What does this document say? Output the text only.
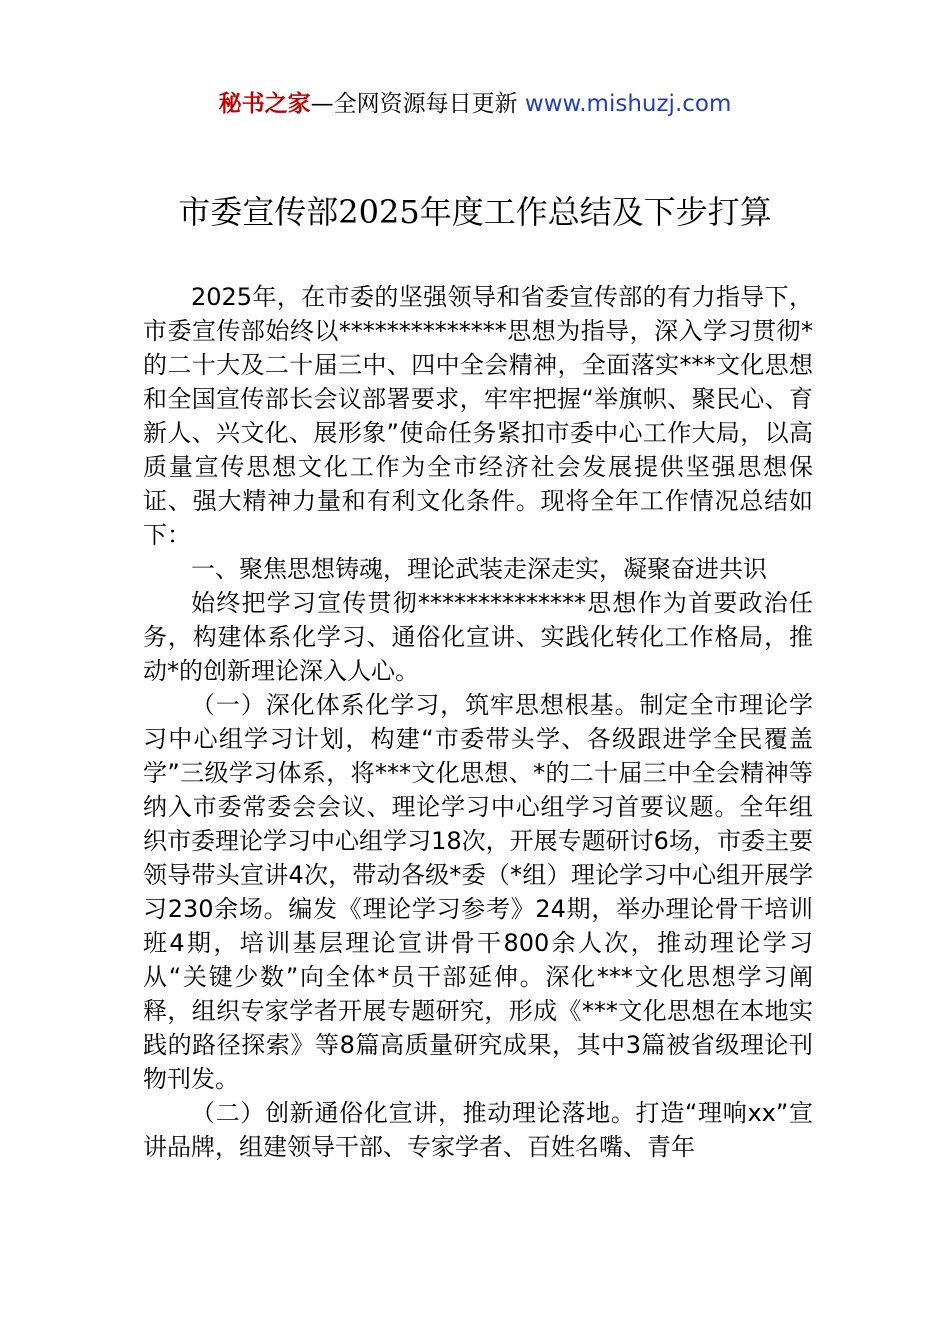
秘书之家—全网资源每日更新 www.mishuzj.com
市委宣传部2025年度工作总结及下步打算

2025年，在市委的坚强领导和省委宣传部的有力指导下，市委宣传部始终以**************思想为指导，深入学习贯彻*的二十大及二十届三中、四中全会精神，全面落实***文化思想和全国宣传部长会议部署要求，牢牢把握“举旗帜、聚民心、育新人、兴文化、展形象”使命任务紧扣市委中心工作大局，以高质量宣传思想文化工作为全市经济社会发展提供坚强思想保证、强大精神力量和有利文化条件。现将全年工作情况总结如下：

一、聚焦思想铸魂，理论武装走深走实，凝聚奋进共识

始终把学习宣传贯彻**************思想作为首要政治任务，构建体系化学习、通俗化宣讲、实践化转化工作格局，推动*的创新理论深入人心。

（一）深化体系化学习，筑牢思想根基。制定全市理论学习中心组学习计划，构建“市委带头学、各级跟进学全民覆盖学”三级学习体系，将***文化思想、*的二十届三中全会精神等纳入市委常委会会议、理论学习中心组学习首要议题。全年组织市委理论学习中心组学习18次，开展专题研讨6场，市委主要领导带头宣讲4次，带动各级*委（*组）理论学习中心组开展学习230余场。编发《理论学习参考》24期，举办理论骨干培训班4期，培训基层理论宣讲骨干800余人次，推动理论学习从“关键少数”向全体*员干部延伸。深化***文化思想学习阐释，组织专家学者开展专题研究，形成《***文化思想在本地实践的路径探索》等8篇高质量研究成果，其中3篇被省级理论刊物刊发。

（二）创新通俗化宣讲，推动理论落地。打造“理响xx”宣讲品牌，组建领导干部、专家学者、百姓名嘴、青年
